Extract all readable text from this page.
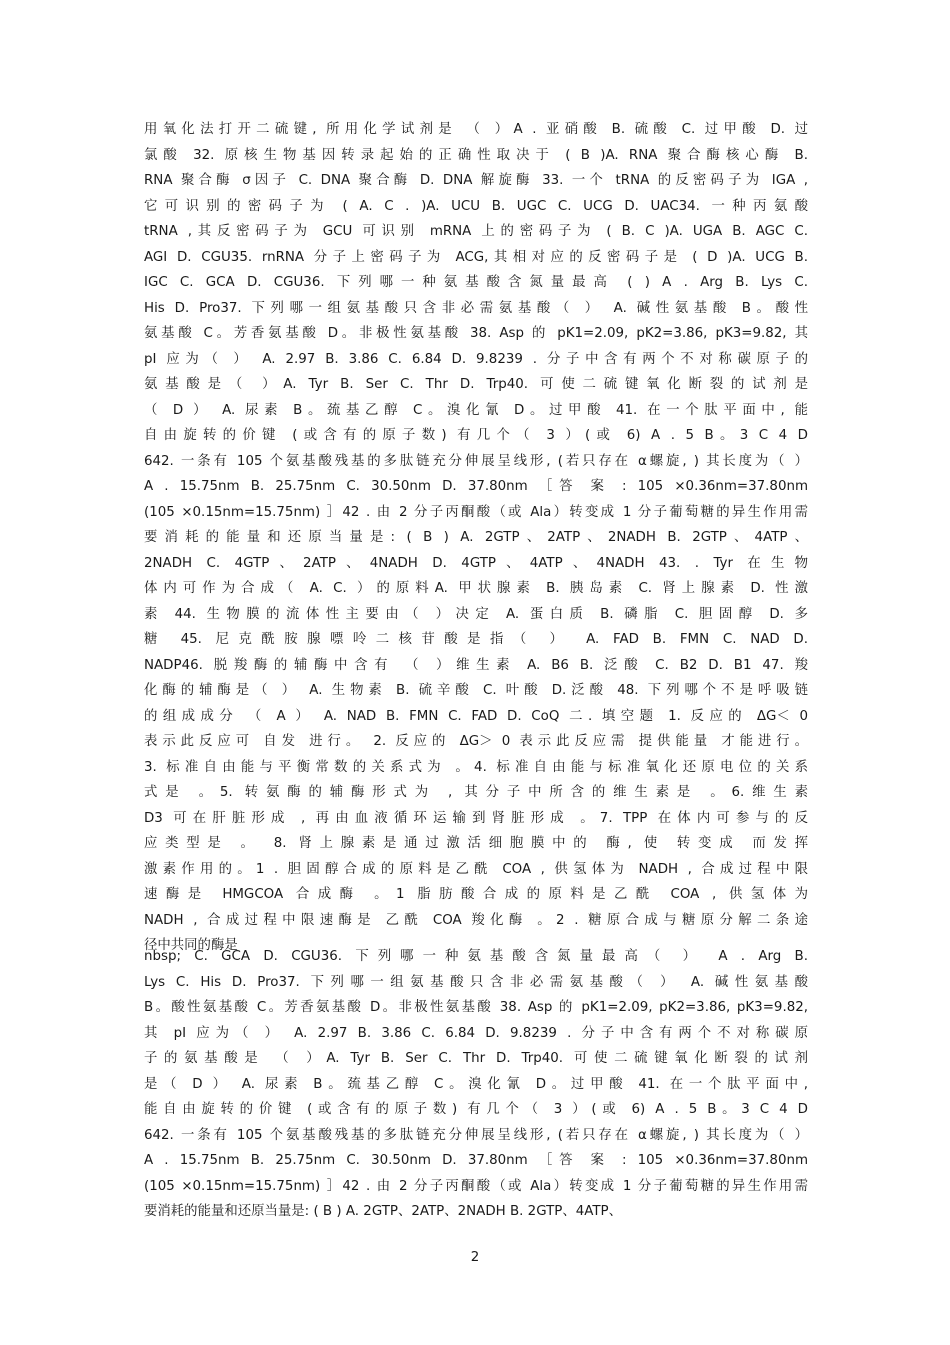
用氧化法打开二硫键, 所用化学试剂是 （ ）A . 亚硝酸 B. 硫酸 C. 过甲酸 D. 过
氯酸 32. 原核生物基因转录起始的正确性取决于 ( B )A. RNA 聚合酶核心酶 B.
RNA 聚合酶 σ因子 C. DNA 聚合酶 D. DNA 解旋酶 33. 一个 tRNA 的反密码子为 IGA ,
它可识别的密码子为 ( A. C . )A. UCU B. UGC C. UCG D. UAC34. 一种丙氨酸
tRNA ,其反密码子为 GCU 可识别 mRNA 上的密码子为 ( B. C )A. UGA B. AGC C.
AGI D. CGU35. rnRNA 分子上密码子为 ACG,其相对应的反密码子是 ( D )A. UCG B.
IGC C. GCA D. CGU36. 下列哪一种氨基酸含氮量最高 ( ) A . Arg B. Lys C.
His D. Pro37. 下列哪一组氨基酸只含非必需氨基酸（ ） A. 碱性氨基酸 B。酸性
氨基酸 C。芳香氨基酸 D。非极性氨基酸 38. Asp 的 pK1=2.09, pK2=3.86, pK3=9.82, 其
pI 应为（ ） A. 2.97 B. 3.86 C. 6.84 D. 9.8239 . 分子中含有两个不对称碳原子的
氨基酸是（ ）A. Tyr B. Ser C. Thr D. Trp40. 可使二硫键氧化断裂的试剂是
（ D ） A. 尿素 B。巯基乙醇 C。溴化氰 D。过甲酸 41. 在一个肽平面中, 能
自由旋转的价键 (或含有的原子数) 有几个（ 3 ）(或 6) A . 5 B。3 C 4 D
642. 一条有 105 个氨基酸残基的多肽链充分伸展呈线形, (若只存在 α螺旋, ) 其长度为（ ）
A . 15.75nm B. 25.75nm C. 30.50nm D. 37.80nm ［答 案 : 105 ×0.36nm=37.80nm
(105 ×0.15nm=15.75nm) ］42 . 由 2 分子丙酮酸（或 Ala）转变成 1 分子葡萄糖的异生作用需
要消耗的能量和还原当量是: ( B ) A. 2GTP、2ATP、2NADH B. 2GTP、4ATP、
2NADH C. 4GTP、2ATP、4NADH D. 4GTP、4ATP、4NADH 43. . Tyr 在生物
体内可作为合成（ A. C. ）的原料A. 甲状腺素 B. 胰岛素 C. 肾上腺素 D. 性激
素 44. 生物膜的流体性主要由（ ）决定 A. 蛋白质 B. 磷脂 C. 胆固醇 D. 多
糖 45. 尼克酰胺腺嘌呤二核苷酸是指（ ） A. FAD B. FMN C. NAD D.
NADP46. 脱羧酶的辅酶中含有 （ ）维生素 A. B6 B. 泛酸 C. B2 D. B1 47. 羧
化酶的辅酶是（ ） A. 生物素 B. 硫辛酸 C. 叶酸 D.泛酸 48. 下列哪个不是呼吸链
的组成成分 （ A ） A. NAD B. FMN C. FAD D. CoQ 二. 填空题 1. 反应的 ΔG＜ 0
表示此反应可 自发 进行。 2. 反应的 ΔG＞ 0 表示此反应需 提供能量 才能进行。
3. 标准自由能与平衡常数的关系式为 。4. 标准自由能与标准氧化还原电位的关系
式是 。5. 转氨酶的辅酶形式为 , 其分子中所含的维生素是 。6.维生素
D3 可在肝脏形成 , 再由血液循环运输到肾脏形成 。7. TPP 在体内可参与的反
应类型是 。 8. 肾上腺素是通过激活细胞膜中的 酶, 使 转变成 而发挥
激素作用的。1 . 胆固醇合成的原料是乙酰 COA , 供氢体为 NADH , 合成过程中限
速酶是 HMGCOA 合成酶 。1 脂肪酸合成的原料是乙酰 COA , 供氢体为
NADH , 合成过程中限速酶是 乙酰 COA 羧化酶 。2 . 糖原合成与糖原分解二条途
径中共同的酶是
nbsp; C. GCA D. CGU36. 下列哪一种氨基酸含氮量最高（ ） A . Arg B.
Lys C. His D. Pro37. 下列哪一组氨基酸只含非必需氨基酸（ ） A. 碱性氨基酸
B。酸性氨基酸 C。芳香氨基酸 D。非极性氨基酸 38. Asp 的 pK1=2.09, pK2=3.86, pK3=9.82,
其 pI 应为（ ） A. 2.97 B. 3.86 C. 6.84 D. 9.8239 . 分子中含有两个不对称碳原
子的氨基酸是 （ ）A. Tyr B. Ser C. Thr D. Trp40. 可使二硫键氧化断裂的试剂
是（ D ） A. 尿素 B。巯基乙醇 C。溴化氰 D。过甲酸 41. 在一个肽平面中,
能自由旋转的价键 (或含有的原子数) 有几个（ 3 ）(或 6) A . 5 B。3 C 4 D
642. 一条有 105 个氨基酸残基的多肽链充分伸展呈线形, (若只存在 α螺旋, ) 其长度为（ ）
A . 15.75nm B. 25.75nm C. 30.50nm D. 37.80nm ［答 案 : 105 ×0.36nm=37.80nm
(105 ×0.15nm=15.75nm) ］42 . 由 2 分子丙酮酸（或 Ala）转变成 1 分子葡萄糖的异生作用需
要消耗的能量和还原当量是: ( B ) A. 2GTP、2ATP、2NADH B. 2GTP、4ATP、
2
